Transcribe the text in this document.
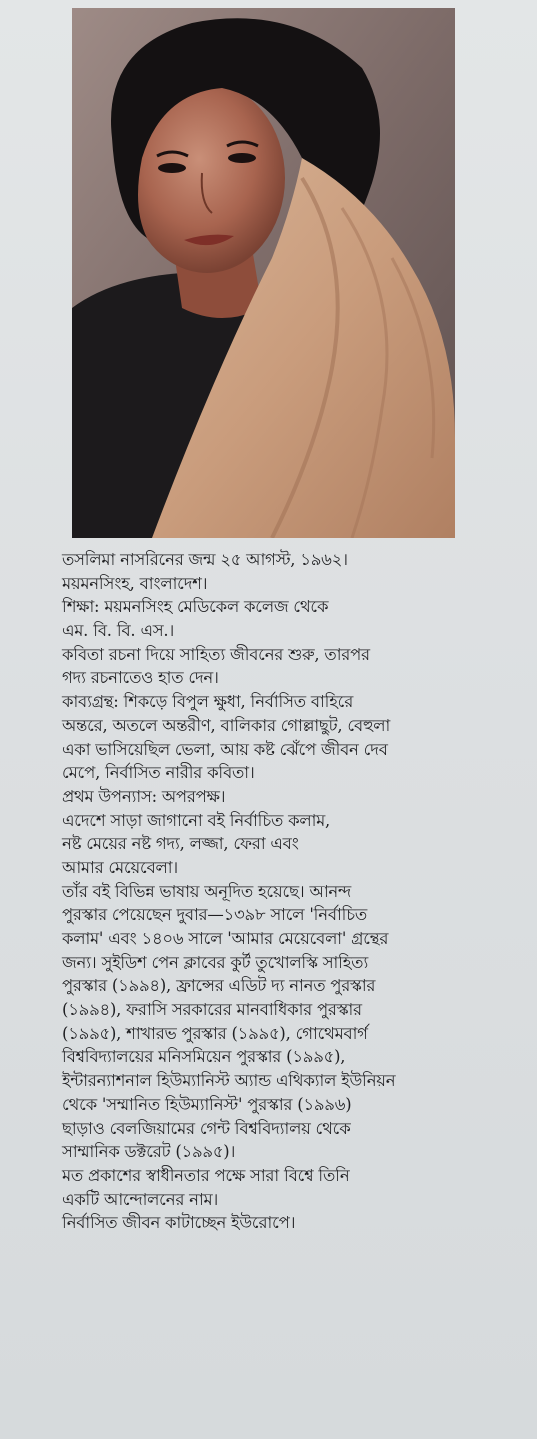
তসলিমা নাসরিনের জন্ম ২৫ আগস্ট, ১৯৬২।
ময়মনসিংহ, বাংলাদেশ।
শিক্ষা: ময়মনসিংহ মেডিকেল কলেজ থেকে
এম. বি. বি. এস.।
কবিতা রচনা দিয়ে সাহিত্য জীবনের শুরু, তারপর
গদ্য রচনাতেও হাত দেন।
কাব্যগ্রন্থ: শিকড়ে বিপুল ক্ষুধা, নির্বাসিত বাহিরে
অন্তরে, অতলে অন্তরীণ, বালিকার গোল্লাছুট, বেহুলা
একা ভাসিয়েছিল ভেলা, আয় কষ্ট ঝেঁপে জীবন দেব
মেপে, নির্বাসিত নারীর কবিতা।
প্রথম উপন্যাস: অপরপক্ষ।
এদেশে সাড়া জাগানো বই নির্বাচিত কলাম,
নষ্ট মেয়ের নষ্ট গদ্য, লজ্জা, ফেরা এবং
আমার মেয়েবেলা।
তাঁর বই বিভিন্ন ভাষায় অনূদিত হয়েছে। আনন্দ
পুরস্কার পেয়েছেন দুবার—১৩৯৮ সালে 'নির্বাচিত
কলাম' এবং ১৪০৬ সালে 'আমার মেয়েবেলা' গ্রন্থের
জন্য। সুইডিশ পেন ক্লাবের কুর্ট তুখোলস্কি সাহিত্য
পুরস্কার (১৯৯৪), ফ্রান্সের এডিট দ্য নানত পুরস্কার
(১৯৯৪), ফরাসি সরকারের মানবাধিকার পুরস্কার
(১৯৯৫), শাখারভ পুরস্কার (১৯৯৫), গোথেমবার্গ
বিশ্ববিদ্যালয়ের মনিসমিয়েন পুরস্কার (১৯৯৫),
ইন্টারন্যাশনাল হিউম্যানিস্ট অ্যান্ড এথিক্যাল ইউনিয়ন
থেকে 'সম্মানিত হিউম্যানিস্ট' পুরস্কার (১৯৯৬)
ছাড়াও বেলজিয়ামের গেন্ট বিশ্ববিদ্যালয় থেকে
সাম্মানিক ডক্টরেট (১৯৯৫)।
মত প্রকাশের স্বাধীনতার পক্ষে সারা বিশ্বে তিনি
একটি আন্দোলনের নাম।
নির্বাসিত জীবন কাটাচ্ছেন ইউরোপে।
